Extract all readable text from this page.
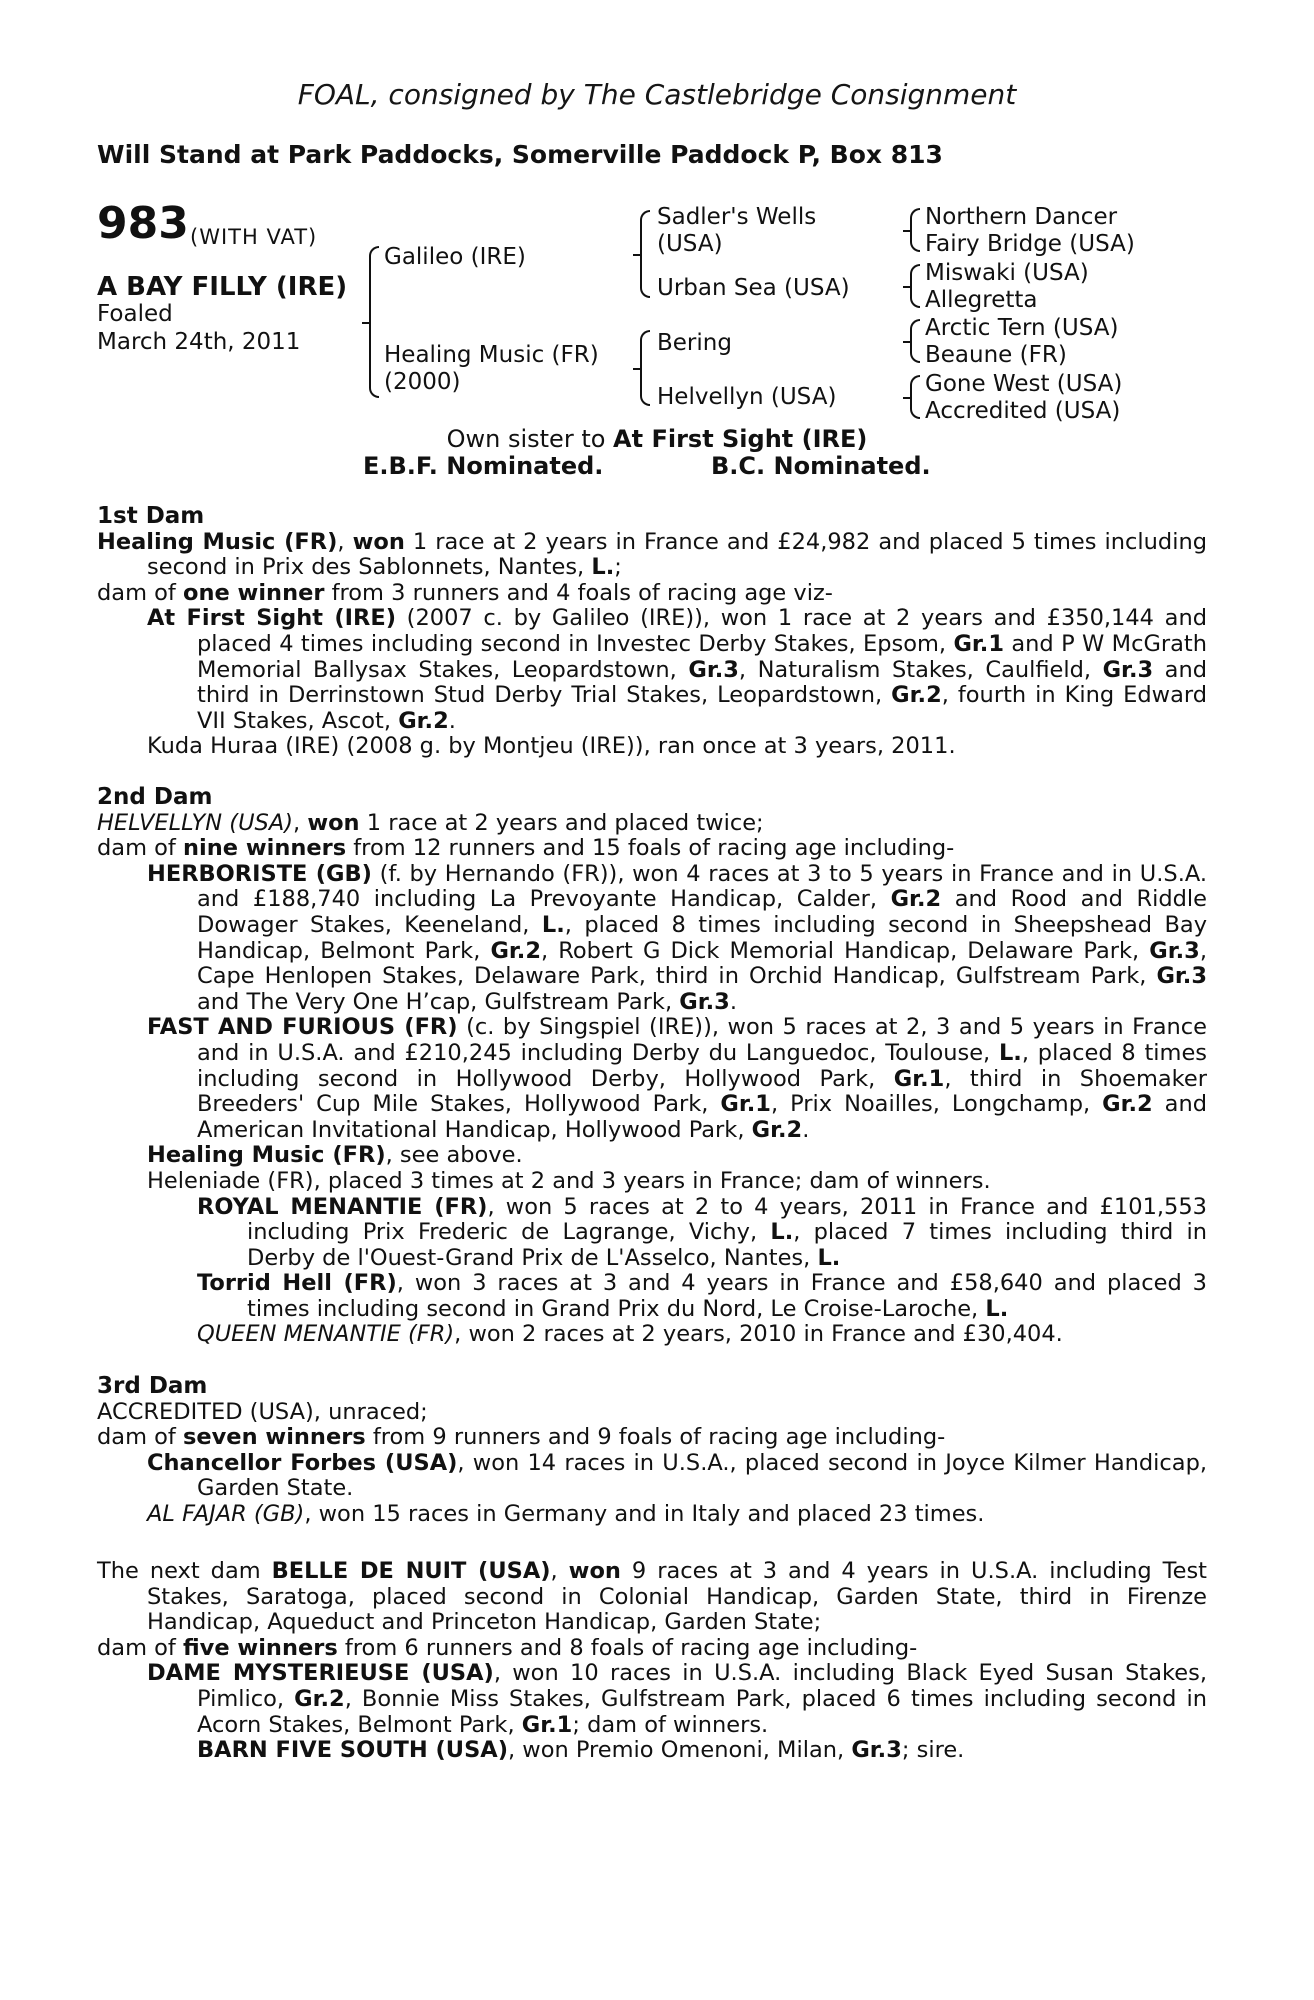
FOAL, consigned by The Castlebridge Consignment
Will Stand at Park Paddocks, Somerville Paddock P, Box 813
983 (WITH VAT)
A BAY FILLY (IRE)
Foaled
March 24th, 2011
Galileo (IRE)
Healing Music (FR)
(2000)
Sadler's Wells
(USA)
Urban Sea (USA)
Bering
Helvellyn (USA)
Northern Dancer
Fairy Bridge (USA)
Miswaki (USA)
Allegretta
Arctic Tern (USA)
Beaune (FR)
Gone West (USA)
Accredited (USA)
Own sister to At First Sight (IRE)
E.B.F. Nominated.	B.C. Nominated.

1st Dam

Healing Music (FR), won 1 race at 2 years in France and £24,982 and placed 5 times including second in Prix des Sablonnets, Nantes, L.;

dam of one winner from 3 runners and 4 foals of racing age viz-

At First Sight (IRE) (2007 c. by Galileo (IRE)), won 1 race at 2 years and £350,144 and placed 4 times including second in Investec Derby Stakes, Epsom, Gr.1 and P W McGrath Memorial Ballysax Stakes, Leopardstown, Gr.3, Naturalism Stakes, Caulfield, Gr.3 and third in Derrinstown Stud Derby Trial Stakes, Leopardstown, Gr.2, fourth in King Edward VII Stakes, Ascot, Gr.2.

Kuda Huraa (IRE) (2008 g. by Montjeu (IRE)), ran once at 3 years, 2011.

2nd Dam

HELVELLYN (USA), won 1 race at 2 years and placed twice;

dam of nine winners from 12 runners and 15 foals of racing age including-

HERBORISTE (GB) (f. by Hernando (FR)), won 4 races at 3 to 5 years in France and in U.S.A. and £188,740 including La Prevoyante Handicap, Calder, Gr.2 and Rood and Riddle Dowager Stakes, Keeneland, L., placed 8 times including second in Sheepshead Bay Handicap, Belmont Park, Gr.2, Robert G Dick Memorial Handicap, Delaware Park, Gr.3, Cape Henlopen Stakes, Delaware Park, third in Orchid Handicap, Gulfstream Park, Gr.3 and The Very One H’cap, Gulfstream Park, Gr.3.

FAST AND FURIOUS (FR) (c. by Singspiel (IRE)), won 5 races at 2, 3 and 5 years in France and in U.S.A. and £210,245 including Derby du Languedoc, Toulouse, L., placed 8 times including second in Hollywood Derby, Hollywood Park, Gr.1, third in Shoemaker Breeders' Cup Mile Stakes, Hollywood Park, Gr.1, Prix Noailles, Longchamp, Gr.2 and American Invitational Handicap, Hollywood Park, Gr.2.

Healing Music (FR), see above.

Heleniade (FR), placed 3 times at 2 and 3 years in France; dam of winners.

ROYAL MENANTIE (FR), won 5 races at 2 to 4 years, 2011 in France and £101,553 including Prix Frederic de Lagrange, Vichy, L., placed 7 times including third in Derby de l'Ouest-Grand Prix de L'Asselco, Nantes, L.

Torrid Hell (FR), won 3 races at 3 and 4 years in France and £58,640 and placed 3 times including second in Grand Prix du Nord, Le Croise-Laroche, L.

QUEEN MENANTIE (FR), won 2 races at 2 years, 2010 in France and £30,404.

3rd Dam

ACCREDITED (USA), unraced;

dam of seven winners from 9 runners and 9 foals of racing age including-

Chancellor Forbes (USA), won 14 races in U.S.A., placed second in Joyce Kilmer Handicap, Garden State.

AL FAJAR (GB), won 15 races in Germany and in Italy and placed 23 times.

The next dam BELLE DE NUIT (USA), won 9 races at 3 and 4 years in U.S.A. including Test Stakes, Saratoga, placed second in Colonial Handicap, Garden State, third in Firenze Handicap, Aqueduct and Princeton Handicap, Garden State;

dam of five winners from 6 runners and 8 foals of racing age including-

DAME MYSTERIEUSE (USA), won 10 races in U.S.A. including Black Eyed Susan Stakes, Pimlico, Gr.2, Bonnie Miss Stakes, Gulfstream Park, placed 6 times including second in Acorn Stakes, Belmont Park, Gr.1; dam of winners.

BARN FIVE SOUTH (USA), won Premio Omenoni, Milan, Gr.3; sire.
